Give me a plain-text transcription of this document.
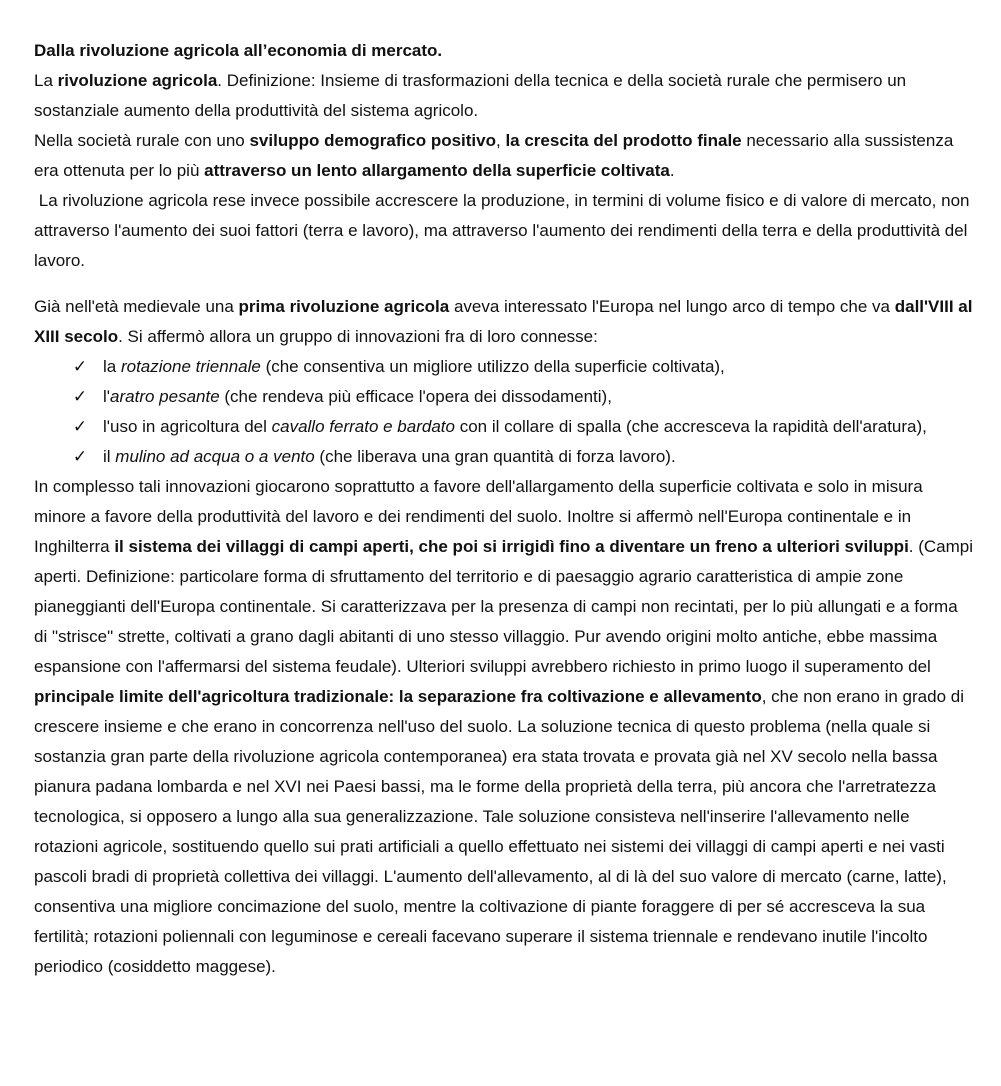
Dalla rivoluzione agricola all’economia di mercato.

La rivoluzione agricola. Definizione: Insieme di trasformazioni della tecnica e della società rurale che permisero un sostanziale aumento della produttività del sistema agricolo.

Nella società rurale con uno sviluppo demografico positivo, la crescita del prodotto finale necessario alla sussistenza era ottenuta per lo più attraverso un lento allargamento della superficie coltivata.

La rivoluzione agricola rese invece possibile accrescere la produzione, in termini di volume fisico e di valore di mercato, non attraverso l'aumento dei suoi fattori (terra e lavoro), ma attraverso l'aumento dei rendimenti della terra e della produttività del lavoro.

Già nell'età medievale una prima rivoluzione agricola aveva interessato l'Europa nel lungo arco di tempo che va dall'VIII al XIII secolo. Si affermò allora un gruppo di innovazioni fra di loro connesse:

✓ la rotazione triennale (che consentiva un migliore utilizzo della superficie coltivata),
✓ l'aratro pesante (che rendeva più efficace l'opera dei dissodamenti),
✓ l'uso in agricoltura del cavallo ferrato e bardato con il collare di spalla (che accresceva la rapidità dell'aratura),
✓ il mulino ad acqua o a vento (che liberava una gran quantità di forza lavoro).

In complesso tali innovazioni giocarono soprattutto a favore dell'allargamento della superficie coltivata e solo in misura minore a favore della produttività del lavoro e dei rendimenti del suolo. Inoltre si affermò nell'Europa continentale e in Inghilterra il sistema dei villaggi di campi aperti, che poi si irrigidì fino a diventare un freno a ulteriori sviluppi. (Campi aperti. Definizione: particolare forma di sfruttamento del territorio e di paesaggio agrario caratteristica di ampie zone pianeggianti dell'Europa continentale. Si caratterizzava per la presenza di campi non recintati, per lo più allungati e a forma di "strisce" strette, coltivati a grano dagli abitanti di uno stesso villaggio. Pur avendo origini molto antiche, ebbe massima espansione con l'affermarsi del sistema feudale). Ulteriori sviluppi avrebbero richiesto in primo luogo il superamento del principale limite dell'agricoltura tradizionale: la separazione fra coltivazione e allevamento, che non erano in grado di crescere insieme e che erano in concorrenza nell'uso del suolo. La soluzione tecnica di questo problema (nella quale si sostanzia gran parte della rivoluzione agricola contemporanea) era stata trovata e provata già nel XV secolo nella bassa pianura padana lombarda e nel XVI nei Paesi bassi, ma le forme della proprietà della terra, più ancora che l'arretratezza tecnologica, si opposero a lungo alla sua generalizzazione. Tale soluzione consisteva nell'inserire l'allevamento nelle rotazioni agricole, sostituendo quello sui prati artificiali a quello effettuato nei sistemi dei villaggi di campi aperti e nei vasti pascoli bradi di proprietà collettiva dei villaggi. L'aumento dell'allevamento, al di là del suo valore di mercato (carne, latte), consentiva una migliore concimazione del suolo, mentre la coltivazione di piante foraggere di per sé accresceva la sua fertilità; rotazioni poliennali con leguminose e cereali facevano superare il sistema triennale e rendevano inutile l'incolto periodico (cosiddetto maggese).
